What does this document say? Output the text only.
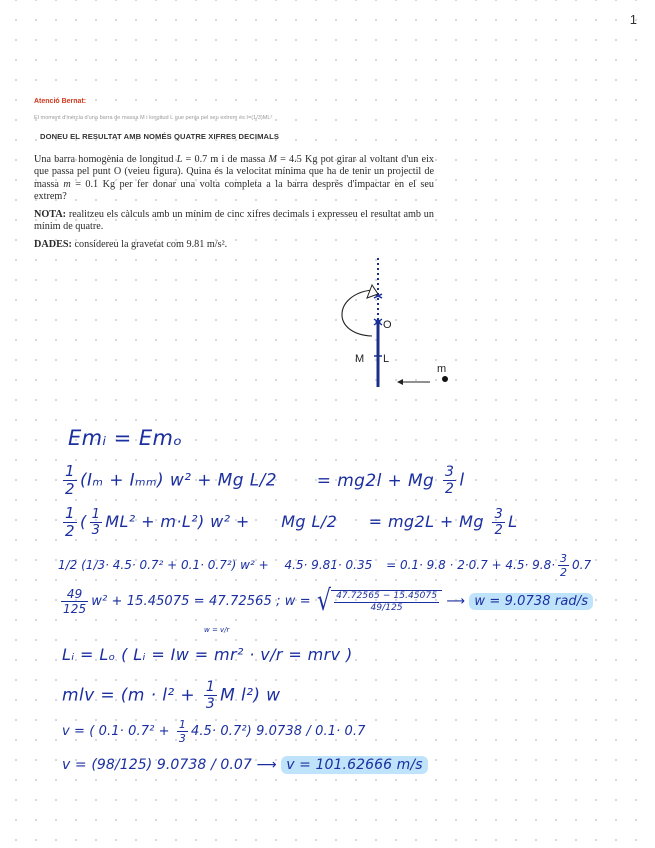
1
Atenció Bernat:
El moment d'inèrcia d'una barra de massa M i longitud L que penja pel seu extrem és I=(1/3)ML²
DONEU EL RESULTAT AMB NOMÉS QUATRE XIFRES DECIMALS
Una barra homogènia de longitud L = 0.7 m i de massa M = 4.5 Kg pot girar al voltant d'un eix que passa pel punt O (veieu figura). Quina és la velocitat mínima que ha de tenir un projectil de massa m = 0.1 Kg per fer donar una volta completa a la barra després d'impactar en el seu extrem?
NOTA: realitzeu els càlculs amb un mínim de cinc xifres decimals i expresseu el resultat amb un mínim de quatre.
DADES: considereu la gravetat com 9.81 m/s².
O
M L
m
Emᵢ = Emₒ
$\frac{1}{2} (I_m + I_{mm}) w^2 + Mg$ L/2 = mg2l + Mg $\frac{3}{2}$ l
$\frac{1}{2}$ ( $\frac{1}{3} ML^2 + m\cdot L^2$) w² + Mg L/2 = mg2L + Mg $\frac{3}{2}$ L
1/2 (1/3· 4.5· 0.7² + 0.1· 0.7²) $w^2 + 4.5\cdot 9.81\cdot 0.35 = 0.1\cdot 9.8 \cdot 2\cdot 0.7 + 4.5\cdot 9.8\cdot \frac{3}{2} 0.7$
$\frac{49}{125} w^2 + 15.45075 = 47.72565$ ; w = √ $\frac{47.72565 - 15.45075}{49/125}$ ⟶ w = 9.0738 rad/s
Lᵢ = Lₒ ( Lᵢ = Iw = mr² · v/r = mrv )
w = v/r
mlv = ($m \cdot l^2 + \frac{1}{3}$ M l²) w
v = ( $0.1\cdot 0.7^2 + \frac{1}{3} 4.5\cdot 0.7^2$) 9.0738 / 0.1· 0.7
v = (98/125) 9.0738 / 0.07 ⟶ v = 101.62666 m/s
